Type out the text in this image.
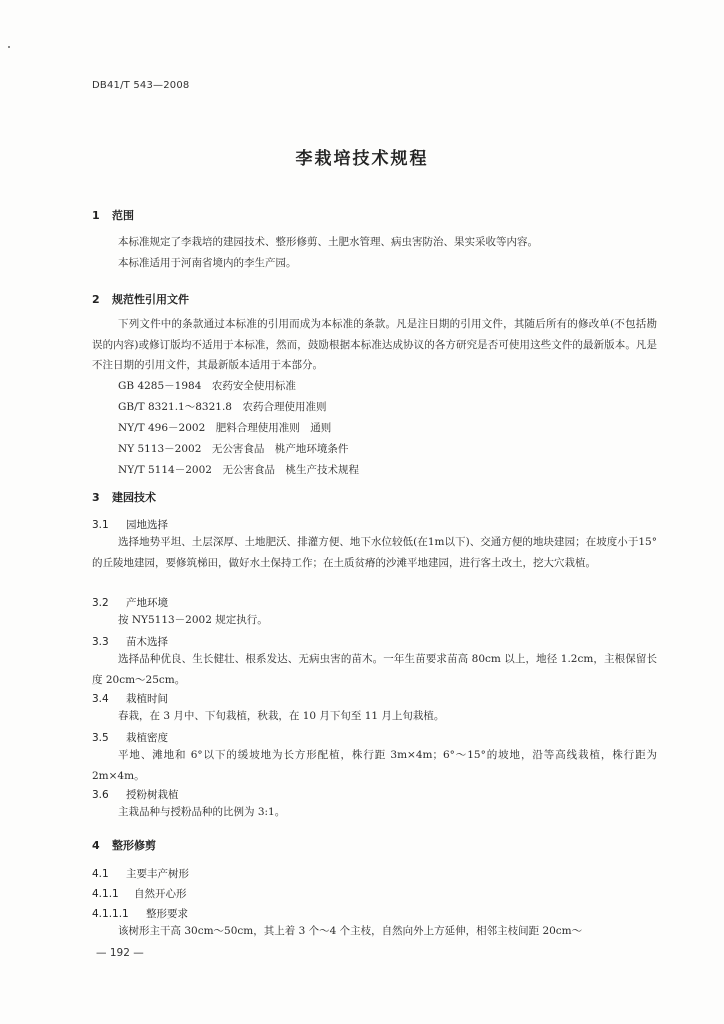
DB41/T 543—2008
李栽培技术规程
1 范围
本标准规定了李栽培的建园技术、整形修剪、土肥水管理、病虫害防治、果实采收等内容。
本标准适用于河南省境内的李生产园。
2 规范性引用文件
下列文件中的条款通过本标准的引用而成为本标准的条款。凡是注日期的引用文件，其随后所有的修改单(不包括勘误的内容)或修订版均不适用于本标准，然而，鼓励根据本标准达成协议的各方研究是否可使用这些文件的最新版本。凡是不注日期的引用文件，其最新版本适用于本部分。
GB 4285－1984　农药安全使用标准
GB/T 8321.1～8321.8　农药合理使用准则
NY/T 496－2002　肥料合理使用准则　通则
NY 5113－2002　无公害食品　桃产地环境条件
NY/T 5114－2002　无公害食品　桃生产技术规程
3 建园技术
3.1 园地选择
选择地势平坦、土层深厚、土地肥沃、排灌方便、地下水位较低(在1m以下)、交通方便的地块建园；在坡度小于15°的丘陵地建园，要修筑梯田，做好水土保持工作；在土质贫瘠的沙滩平地建园，进行客土改土，挖大穴栽植。
3.2 产地环境
按 NY5113－2002 规定执行。
3.3 苗木选择
选择品种优良、生长健壮、根系发达、无病虫害的苗木。一年生苗要求苗高 80cm 以上，地径 1.2cm，主根保留长度 20cm～25cm。
3.4 栽植时间
春栽，在 3 月中、下旬栽植，秋栽，在 10 月下旬至 11 月上旬栽植。
3.5 栽植密度
平地、滩地和 6°以下的缓坡地为长方形配植，株行距 3m×4m；6°～15°的坡地，沿等高线栽植，株行距为 2m×4m。
3.6 授粉树栽植
主栽品种与授粉品种的比例为 3:1。
4 整形修剪
4.1 主要丰产树形
4.1.1 自然开心形
4.1.1.1 整形要求
该树形主干高 30cm～50cm，其上着 3 个～4 个主枝，自然向外上方延伸，相邻主枝间距 20cm～
— 192 —
